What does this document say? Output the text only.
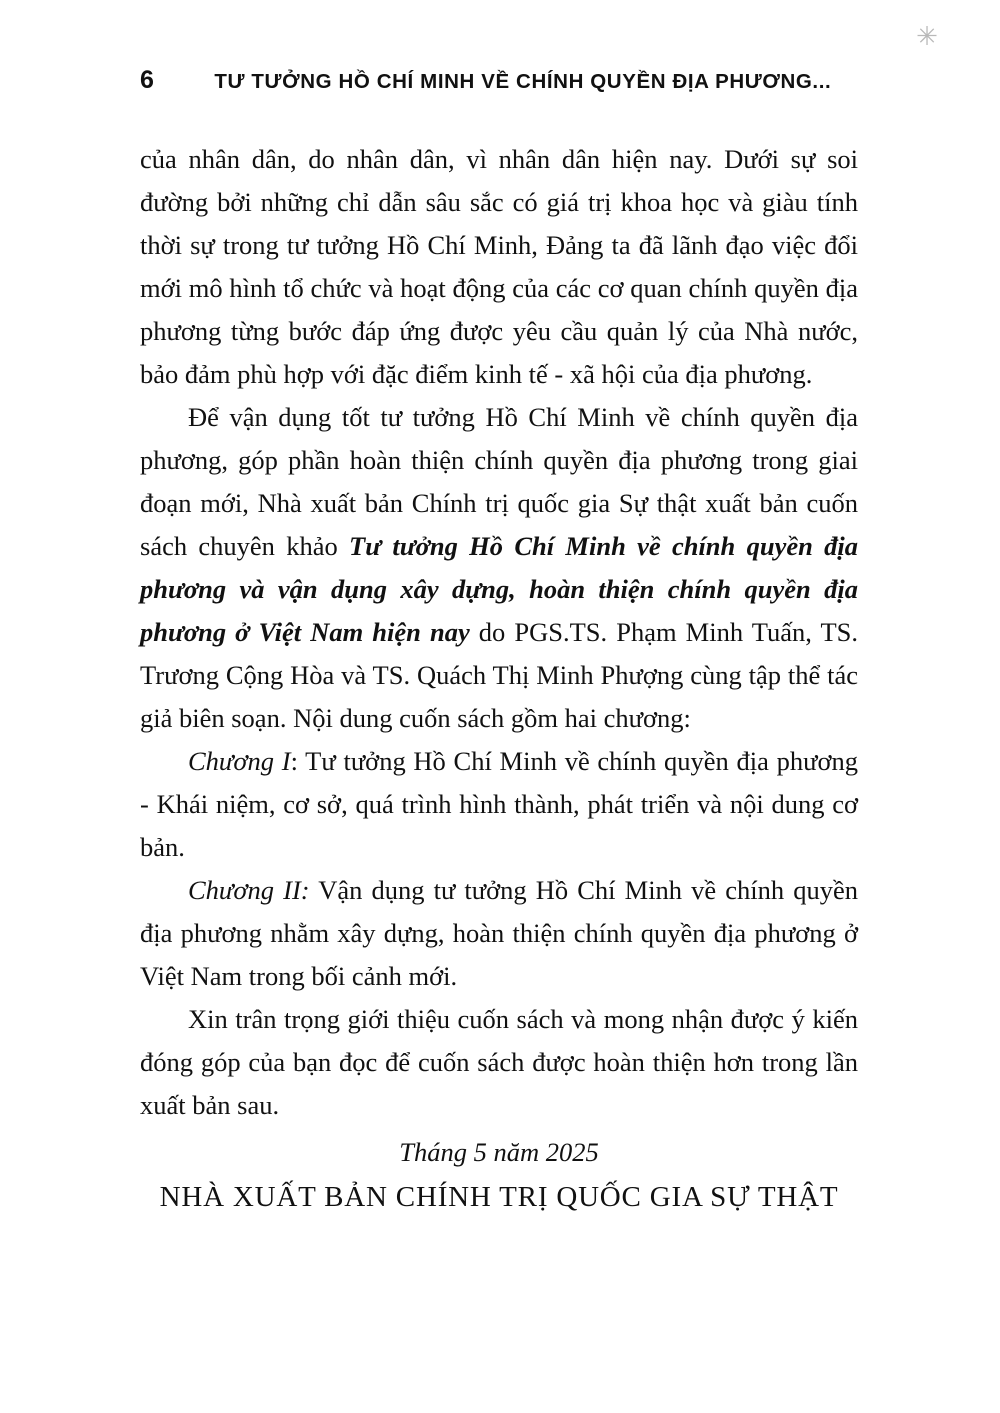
✳
6	TƯ TƯỞNG HỒ CHÍ MINH VỀ CHÍNH QUYỀN ĐỊA PHƯƠNG...

của nhân dân, do nhân dân, vì nhân dân hiện nay. Dưới sự soi đường bởi những chỉ dẫn sâu sắc có giá trị khoa học và giàu tính thời sự trong tư tưởng Hồ Chí Minh, Đảng ta đã lãnh đạo việc đổi mới mô hình tổ chức và hoạt động của các cơ quan chính quyền địa phương từng bước đáp ứng được yêu cầu quản lý của Nhà nước, bảo đảm phù hợp với đặc điểm kinh tế - xã hội của địa phương.

Để vận dụng tốt tư tưởng Hồ Chí Minh về chính quyền địa phương, góp phần hoàn thiện chính quyền địa phương trong giai đoạn mới, Nhà xuất bản Chính trị quốc gia Sự thật xuất bản cuốn sách chuyên khảo Tư tưởng Hồ Chí Minh về chính quyền địa phương và vận dụng xây dựng, hoàn thiện chính quyền địa phương ở Việt Nam hiện nay do PGS.TS. Phạm Minh Tuấn, TS. Trương Cộng Hòa và TS. Quách Thị Minh Phượng cùng tập thể tác giả biên soạn. Nội dung cuốn sách gồm hai chương:

Chương I: Tư tưởng Hồ Chí Minh về chính quyền địa phương - Khái niệm, cơ sở, quá trình hình thành, phát triển và nội dung cơ bản.

Chương II: Vận dụng tư tưởng Hồ Chí Minh về chính quyền địa phương nhằm xây dựng, hoàn thiện chính quyền địa phương ở Việt Nam trong bối cảnh mới.

Xin trân trọng giới thiệu cuốn sách và mong nhận được ý kiến đóng góp của bạn đọc để cuốn sách được hoàn thiện hơn trong lần xuất bản sau.

Tháng 5 năm 2025
NHÀ XUẤT BẢN CHÍNH TRỊ QUỐC GIA SỰ THẬT
